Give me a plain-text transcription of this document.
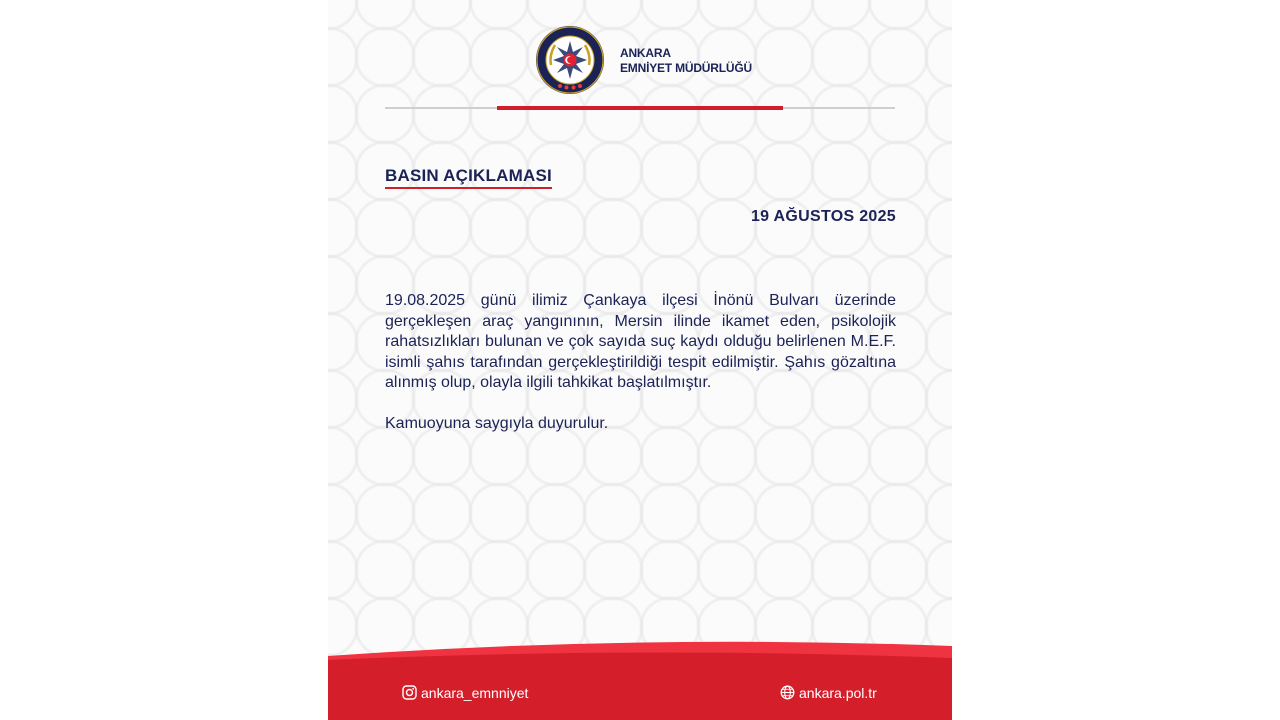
EGM
ANKARA
EMNİYET MÜDÜRLÜĞÜ
BASIN AÇIKLAMASI
19 AĞUSTOS 2025

19.08.2025 günü ilimiz Çankaya ilçesi İnönü Bulvarı üzerinde gerçekleşen araç yangınının, Mersin ilinde ikamet eden, psikolojik rahatsızlıkları bulunan ve çok sayıda suç kaydı olduğu belirlenen M.E.F. isimli şahıs tarafından gerçekleştirildiği tespit edilmiştir. Şahıs gözaltına alınmış olup, olayla ilgili tahkikat başlatılmıştır.

Kamuoyuna saygıyla duyurulur.
ankara_emnniyet	ankara.pol.tr
